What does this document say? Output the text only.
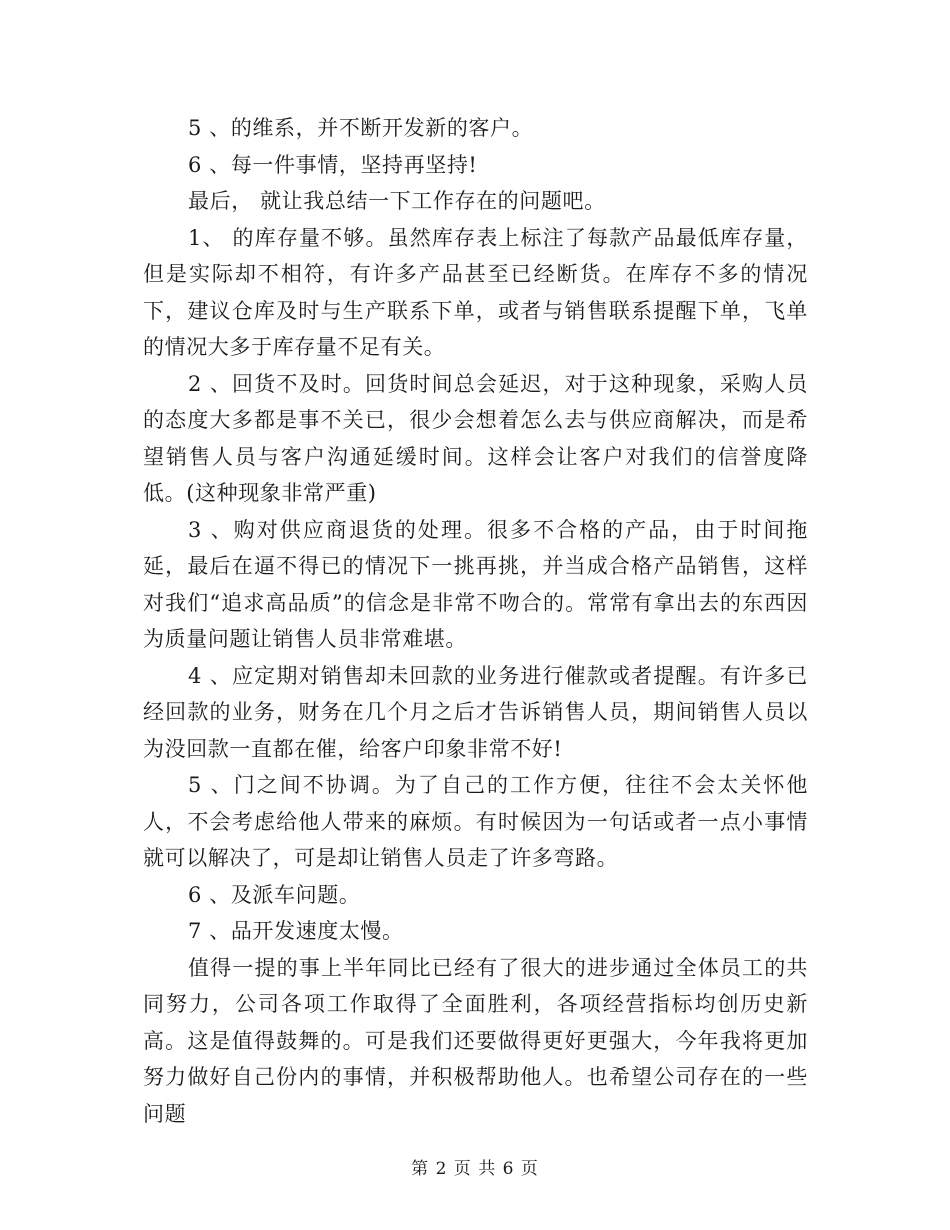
5 、的维系，并不断开发新的客户。

6 、每一件事情，坚持再坚持!

最后， 就让我总结一下工作存在的问题吧。

1、 的库存量不够。虽然库存表上标注了每款产品最低库存量，但是实际却不相符，有许多产品甚至已经断货。在库存不多的情况下，建议仓库及时与生产联系下单，或者与销售联系提醒下单，飞单的情况大多于库存量不足有关。

2 、回货不及时。回货时间总会延迟，对于这种现象，采购人员的态度大多都是事不关已，很少会想着怎么去与供应商解决，而是希望销售人员与客户沟通延缓时间。这样会让客户对我们的信誉度降低。(这种现象非常严重)

3 、购对供应商退货的处理。很多不合格的产品，由于时间拖延，最后在逼不得已的情况下一挑再挑，并当成合格产品销售，这样对我们“追求高品质”的信念是非常不吻合的。常常有拿出去的东西因为质量问题让销售人员非常难堪。

4 、应定期对销售却未回款的业务进行催款或者提醒。有许多已经回款的业务，财务在几个月之后才告诉销售人员，期间销售人员以为没回款一直都在催，给客户印象非常不好!

5 、门之间不协调。为了自己的工作方便，往往不会太关怀他人，不会考虑给他人带来的麻烦。有时候因为一句话或者一点小事情就可以解决了，可是却让销售人员走了许多弯路。

6 、及派车问题。

7 、品开发速度太慢。

值得一提的事上半年同比已经有了很大的进步通过全体员工的共同努力，公司各项工作取得了全面胜利，各项经营指标均创历史新高。这是值得鼓舞的。可是我们还要做得更好更强大，今年我将更加努力做好自己份内的事情，并积极帮助他人。也希望公司存在的一些问题

第 2 页 共 6 页
